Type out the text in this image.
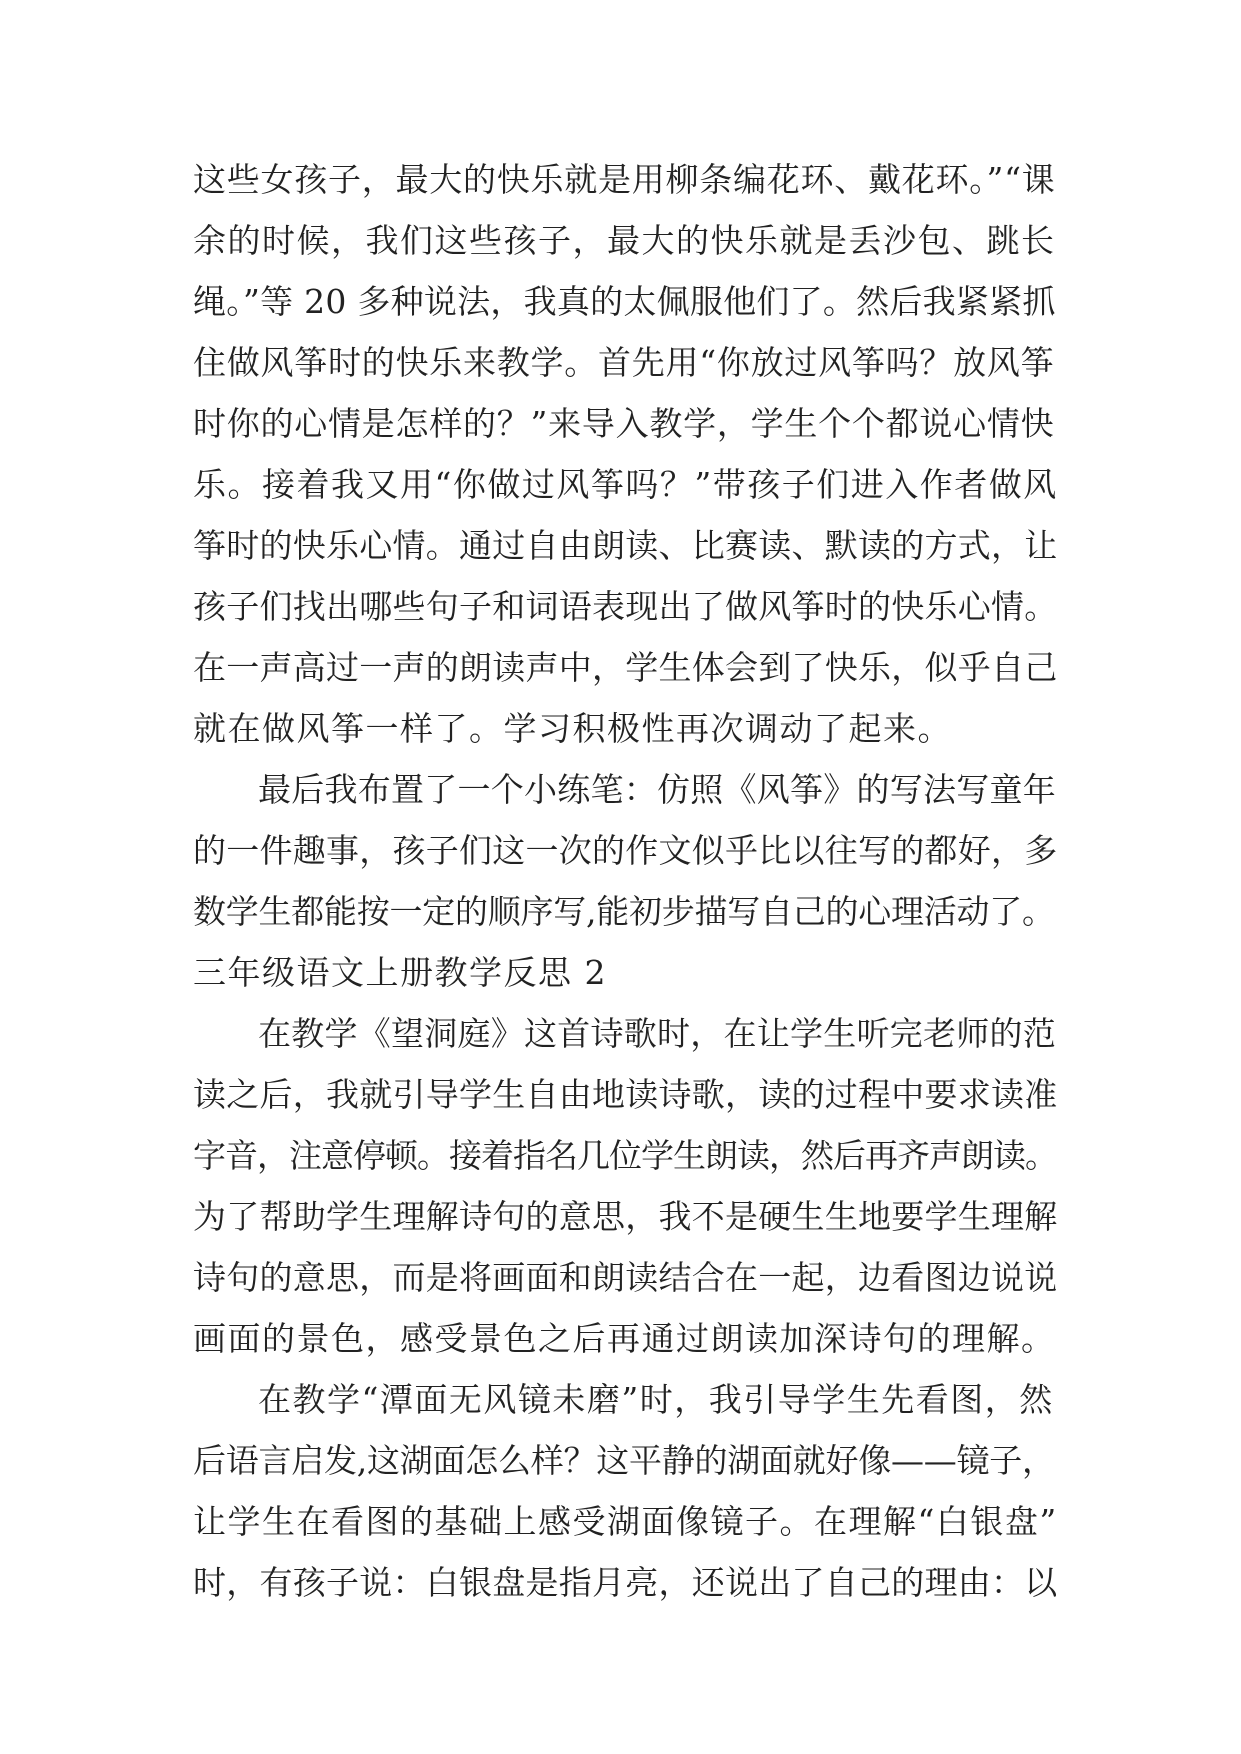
这些女孩子，最大的快乐就是用柳条编花环、戴花环。”“课
余的时候，我们这些孩子，最大的快乐就是丢沙包、跳长
绳。”等 20 多种说法，我真的太佩服他们了。然后我紧紧抓
住做风筝时的快乐来教学。首先用“你放过风筝吗？放风筝
时你的心情是怎样的？”来导入教学，学生个个都说心情快
乐。接着我又用“你做过风筝吗？”带孩子们进入作者做风
筝时的快乐心情。通过自由朗读、比赛读、默读的方式，让
孩子们找出哪些句子和词语表现出了做风筝时的快乐心情。
在一声高过一声的朗读声中，学生体会到了快乐，似乎自己
就在做风筝一样了。学习积极性再次调动了起来。
最后我布置了一个小练笔：仿照《风筝》的写法写童年
的一件趣事，孩子们这一次的作文似乎比以往写的都好，多
数学生都能按一定的顺序写,能初步描写自己的心理活动了。
三年级语文上册教学反思 2
在教学《望洞庭》这首诗歌时，在让学生听完老师的范
读之后，我就引导学生自由地读诗歌，读的过程中要求读准
字音，注意停顿。接着指名几位学生朗读，然后再齐声朗读。
为了帮助学生理解诗句的意思，我不是硬生生地要学生理解
诗句的意思，而是将画面和朗读结合在一起，边看图边说说
画面的景色，感受景色之后再通过朗读加深诗句的理解。
在教学“潭面无风镜未磨”时，我引导学生先看图，然
后语言启发,这湖面怎么样？这平静的湖面就好像——镜子，
让学生在看图的基础上感受湖面像镜子。在理解“白银盘”
时，有孩子说：白银盘是指月亮，还说出了自己的理由：以
